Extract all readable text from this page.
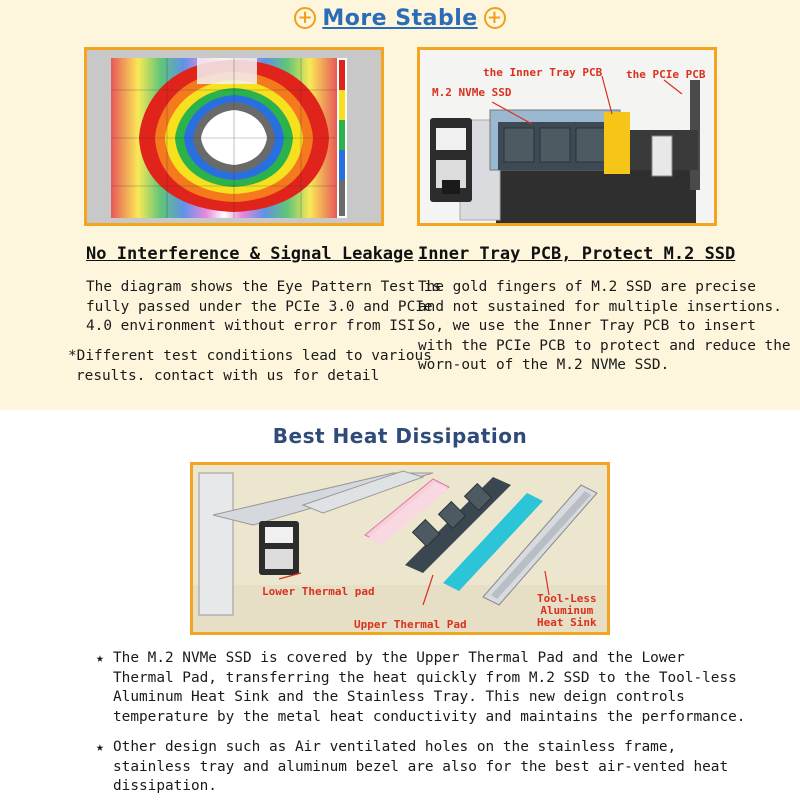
+ More Stable +
the Inner Tray PCB the PCIe PCB
M.2 NVMe SSD
No Interference & Signal Leakage
The diagram shows the Eye Pattern Test is
fully passed under the PCIe 3.0 and PCIe
4.0 environment without error from ISI.
*Different test conditions lead to various
results. contact with us for detail
Inner Tray PCB, Protect M.2 SSD
The gold fingers of M.2 SSD are precise
and not sustained for multiple insertions.
So, we use the Inner Tray PCB to insert
with the PCIe PCB to protect and reduce the
worn-out of the M.2 NVMe SSD.
Best Heat Dissipation
Lower Thermal pad
Upper Thermal Pad
Tool-Less
Aluminum
Heat Sink
★ The M.2 NVMe SSD is covered by the Upper Thermal Pad and the Lower
Thermal Pad, transferring the heat quickly from M.2 SSD to the Tool-less
Aluminum Heat Sink and the Stainless Tray. This new deign controls
temperature by the metal heat conductivity and maintains the performance.
★ Other design such as Air ventilated holes on the stainless frame,
stainless tray and aluminum bezel are also for the best air-vented heat
dissipation.
